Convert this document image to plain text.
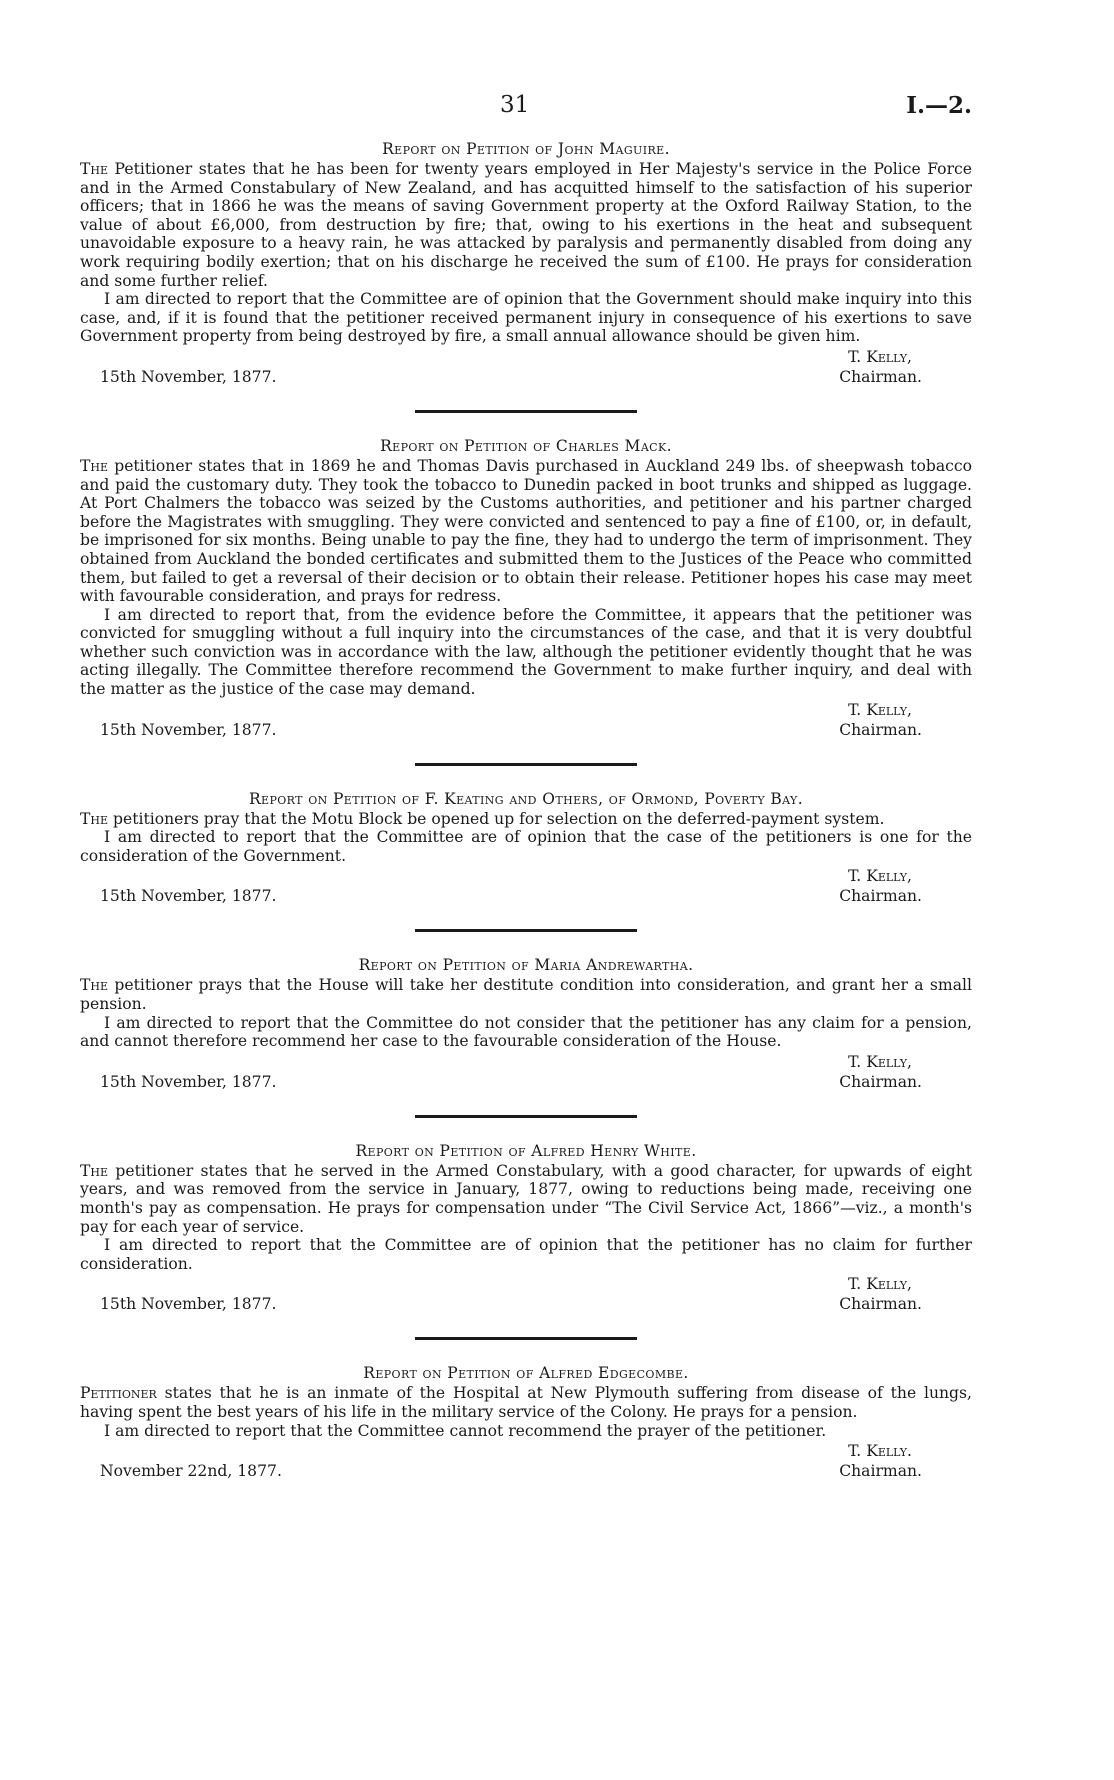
31	I.—2.
Report on Petition of John Maguire.

The Petitioner states that he has been for twenty years employed in Her Majesty's service in the Police Force and in the Armed Constabulary of New Zealand, and has acquitted himself to the satisfaction of his superior officers; that in 1866 he was the means of saving Government property at the Oxford Railway Station, to the value of about £6,000, from destruction by fire; that, owing to his exertions in the heat and subsequent unavoidable exposure to a heavy rain, he was attacked by paralysis and permanently disabled from doing any work requiring bodily exertion; that on his discharge he received the sum of £100. He prays for consideration and some further relief.

I am directed to report that the Committee are of opinion that the Government should make inquiry into this case, and, if it is found that the petitioner received permanent injury in consequence of his exertions to save Government property from being destroyed by fire, a small annual allowance should be given him.

T. Kelly,
15th November, 1877.	Chairman.
Report on Petition of Charles Mack.

The petitioner states that in 1869 he and Thomas Davis purchased in Auckland 249 lbs. of sheepwash tobacco and paid the customary duty. They took the tobacco to Dunedin packed in boot trunks and shipped as luggage. At Port Chalmers the tobacco was seized by the Customs authorities, and petitioner and his partner charged before the Magistrates with smuggling. They were convicted and sentenced to pay a fine of £100, or, in default, be imprisoned for six months. Being unable to pay the fine, they had to undergo the term of imprisonment. They obtained from Auckland the bonded certificates and submitted them to the Justices of the Peace who committed them, but failed to get a reversal of their decision or to obtain their release. Petitioner hopes his case may meet with favourable consideration, and prays for redress.

I am directed to report that, from the evidence before the Committee, it appears that the petitioner was convicted for smuggling without a full inquiry into the circumstances of the case, and that it is very doubtful whether such conviction was in accordance with the law, although the petitioner evidently thought that he was acting illegally. The Committee therefore recommend the Government to make further inquiry, and deal with the matter as the justice of the case may demand.

T. Kelly,
15th November, 1877.	Chairman.
Report on Petition of F. Keating and Others, of Ormond, Poverty Bay.

The petitioners pray that the Motu Block be opened up for selection on the deferred-payment system.

I am directed to report that the Committee are of opinion that the case of the petitioners is one for the consideration of the Government.

T. Kelly,
15th November, 1877.	Chairman.
Report on Petition of Maria Andrewartha.

The petitioner prays that the House will take her destitute condition into consideration, and grant her a small pension.

I am directed to report that the Committee do not consider that the petitioner has any claim for a pension, and cannot therefore recommend her case to the favourable consideration of the House.

T. Kelly,
15th November, 1877.	Chairman.
Report on Petition of Alfred Henry White.

The petitioner states that he served in the Armed Constabulary, with a good character, for upwards of eight years, and was removed from the service in January, 1877, owing to reductions being made, receiving one month's pay as compensation. He prays for compensation under “The Civil Service Act, 1866”—viz., a month's pay for each year of service.

I am directed to report that the Committee are of opinion that the petitioner has no claim for further consideration.

T. Kelly,
15th November, 1877.	Chairman.
Report on Petition of Alfred Edgecombe.

Petitioner states that he is an inmate of the Hospital at New Plymouth suffering from disease of the lungs, having spent the best years of his life in the military service of the Colony. He prays for a pension.

I am directed to report that the Committee cannot recommend the prayer of the petitioner.

T. Kelly.
November 22nd, 1877.	Chairman.
